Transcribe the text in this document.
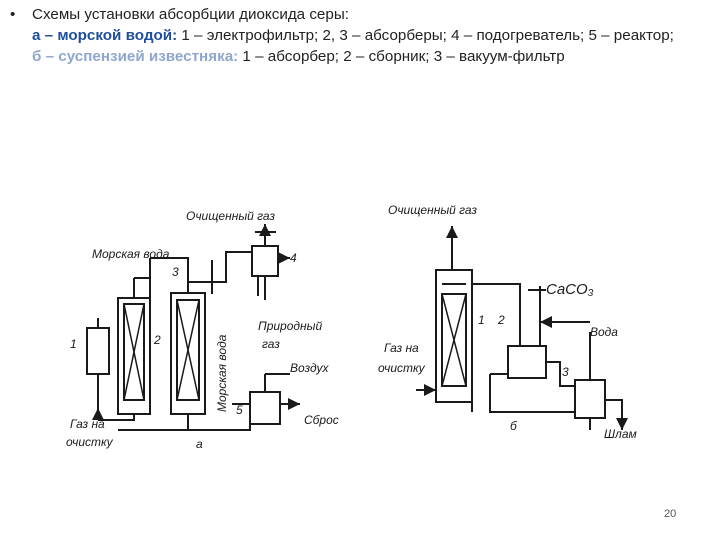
• Схемы установки абсорбции диоксида серы:
а – морской водой: 1 – электрофильтр; 2, 3 – абсорберы; 4 – подогреватель; 5 – реактор;
б – суспензией известняка: 1 – абсорбер; 2 – сборник; 3 – вакуум-фильтр
Очищенный газ
Морская вода
Природный
газ
Воздух
Сброс
Газ на
очистку	а
1	2
3
4
5
Морская вода
Очищенный газ
CaCO₃
Вода
Газ на
очистку
Шлам
б
1 2
3
20
